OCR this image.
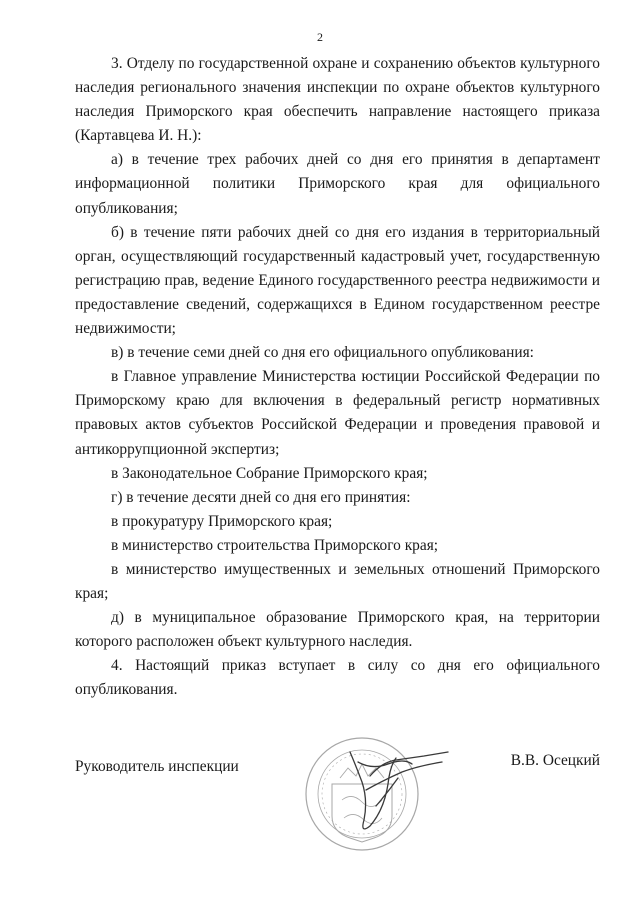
2

3. Отделу по государственной охране и сохранению объектов культурного наследия регионального значения инспекции по охране объектов культурного наследия Приморского края обеспечить направление настоящего приказа (Картавцева И. Н.):

а) в течение трех рабочих дней со дня его принятия в департамент информационной политики Приморского края для официального опубликования;

б) в течение пяти рабочих дней со дня его издания в территориальный орган, осуществляющий государственный кадастровый учет, государственную регистрацию прав, ведение Единого государственного реестра недвижимости и предоставление сведений, содержащихся в Едином государственном реестре недвижимости;

в) в течение семи дней со дня его официального опубликования:

в Главное управление Министерства юстиции Российской Федерации по Приморскому краю для включения в федеральный регистр нормативных правовых актов субъектов Российской Федерации и проведения правовой и антикоррупционной экспертиз;

в Законодательное Собрание Приморского края;

г) в течение десяти дней со дня его принятия:

в прокуратуру Приморского края;

в министерство строительства Приморского края;

в министерство имущественных и земельных отношений Приморского края;

д) в муниципальное образование Приморского края, на территории которого расположен объект культурного наследия.

4. Настоящий приказ вступает в силу со дня его официального опубликования.

Руководитель инспекции	В.В. Осецкий
